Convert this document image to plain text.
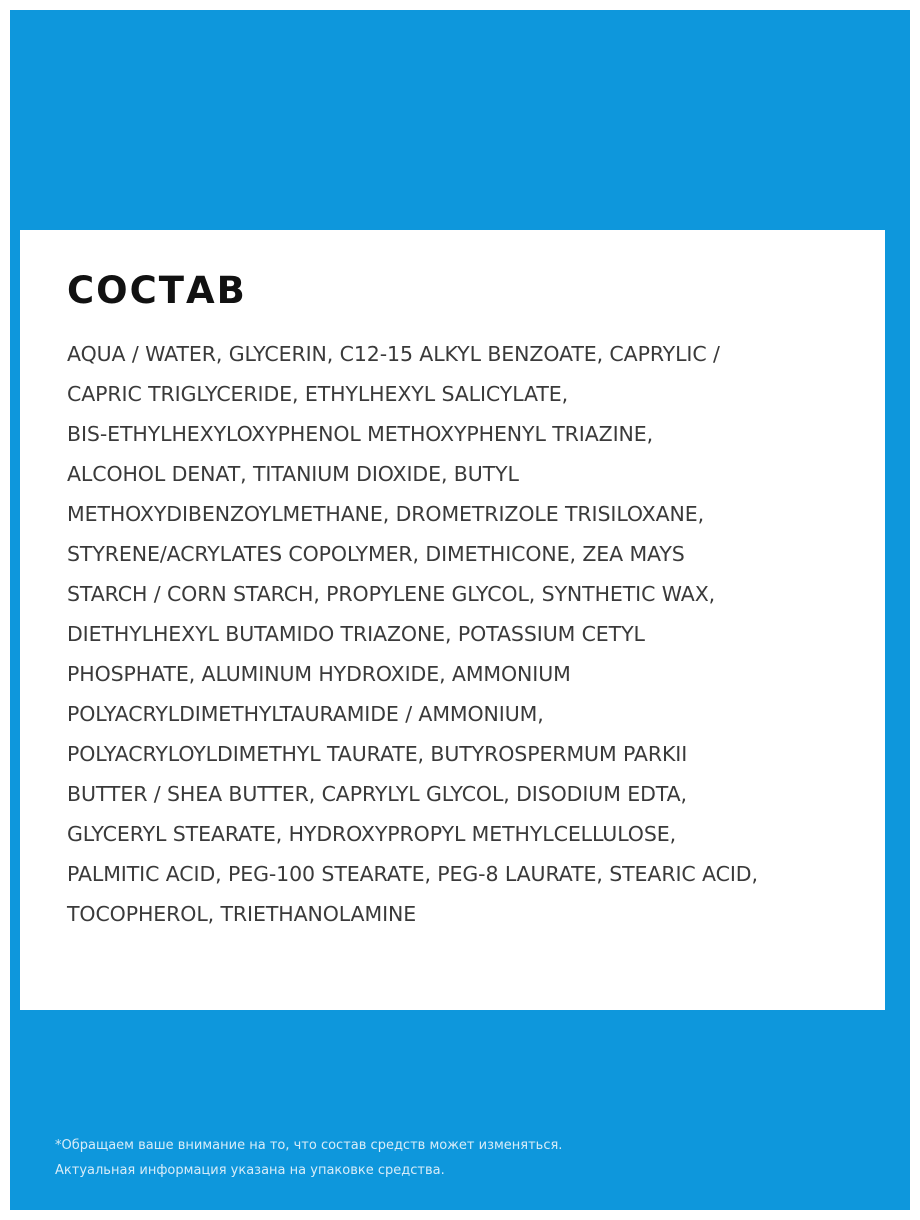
СОСТАВ
AQUA / WATER, GLYCERIN, C12-15 ALKYL BENZOATE, CAPRYLIC /
CAPRIC TRIGLYCERIDE, ETHYLHEXYL SALICYLATE,
BIS-ETHYLHEXYLOXYPHENOL METHOXYPHENYL TRIAZINE,
ALCOHOL DENAT, TITANIUM DIOXIDE, BUTYL
METHOXYDIBENZOYLMETHANE, DROMETRIZOLE TRISILOXANE,
STYRENE/ACRYLATES COPOLYMER, DIMETHICONE, ZEA MAYS
STARCH / CORN STARCH, PROPYLENE GLYCOL, SYNTHETIC WAX,
DIETHYLHEXYL BUTAMIDO TRIAZONE, POTASSIUM CETYL
PHOSPHATE, ALUMINUM HYDROXIDE, AMMONIUM
POLYACRYLDIMETHYLTAURAMIDE / AMMONIUM,
POLYACRYLOYLDIMETHYL TAURATE, BUTYROSPERMUM PARKII
BUTTER / SHEA BUTTER, CAPRYLYL GLYCOL, DISODIUM EDTA,
GLYCERYL STEARATE, HYDROXYPROPYL METHYLCELLULOSE,
PALMITIC ACID, PEG-100 STEARATE, PEG-8 LAURATE, STEARIC ACID,
TOCOPHEROL, TRIETHANOLAMINE
*Обращаем ваше внимание на то, что состав средств может изменяться.
Актуальная информация указана на упаковке средства.
